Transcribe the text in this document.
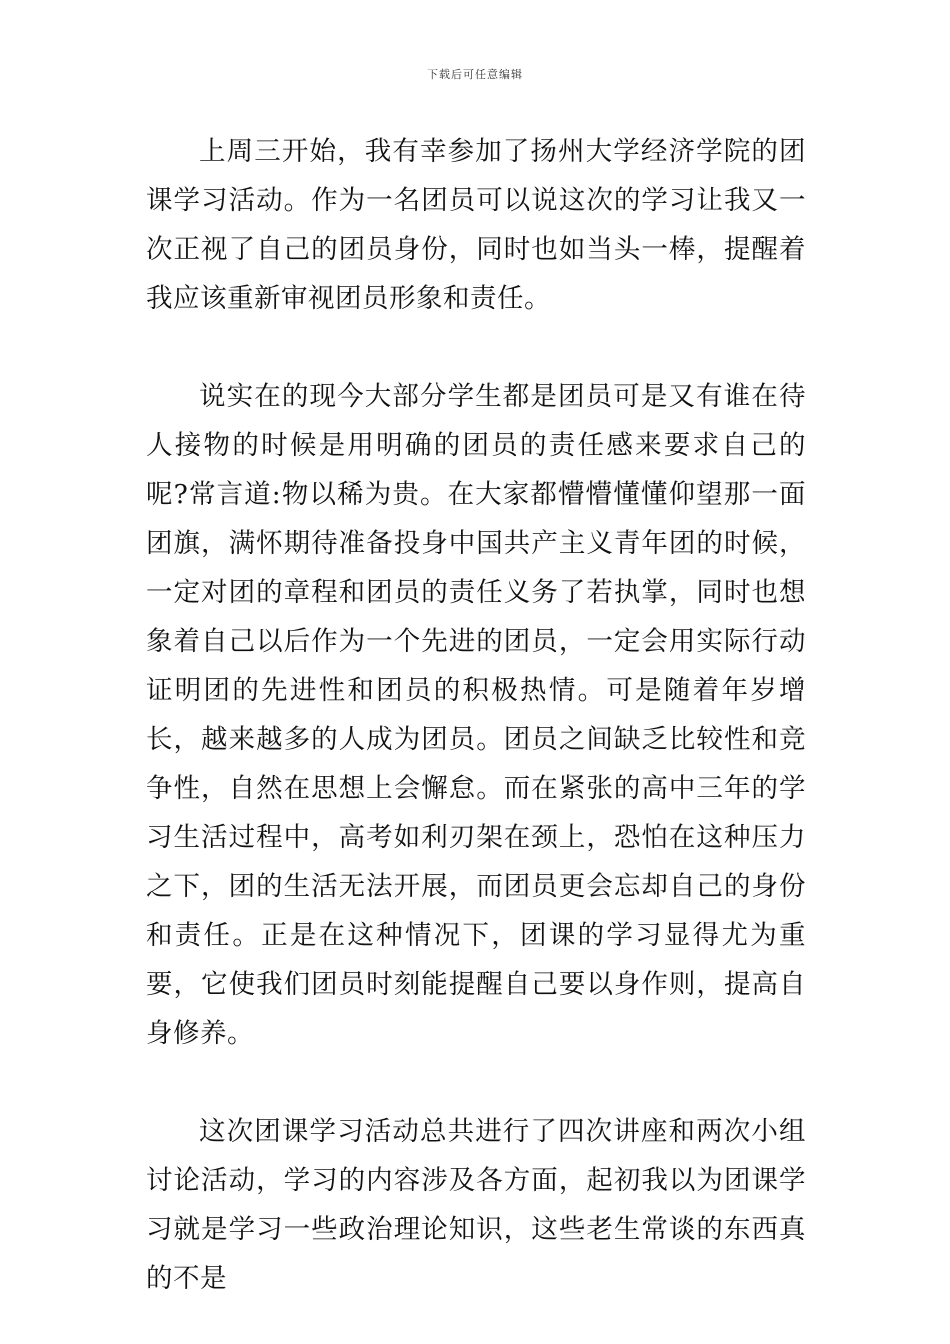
下载后可任意编辑

上周三开始，我有幸参加了扬州大学经济学院的团课学习活动。作为一名团员可以说这次的学习让我又一次正视了自己的团员身份，同时也如当头一棒，提醒着我应该重新审视团员形象和责任。

说实在的现今大部分学生都是团员可是又有谁在待人接物的时候是用明确的团员的责任感来要求自己的呢?常言道:物以稀为贵。在大家都懵懵懂懂仰望那一面团旗，满怀期待准备投身中国共产主义青年团的时候，一定对团的章程和团员的责任义务了若执掌，同时也想象着自己以后作为一个先进的团员，一定会用实际行动证明团的先进性和团员的积极热情。可是随着年岁增长，越来越多的人成为团员。团员之间缺乏比较性和竞争性，自然在思想上会懈怠。而在紧张的高中三年的学习生活过程中，高考如利刃架在颈上，恐怕在这种压力之下，团的生活无法开展，而团员更会忘却自己的身份和责任。正是在这种情况下，团课的学习显得尤为重要，它使我们团员时刻能提醒自己要以身作则，提高自身修养。

这次团课学习活动总共进行了四次讲座和两次小组讨论活动，学习的内容涉及各方面，起初我以为团课学习就是学习一些政治理论知识，这些老生常谈的东西真的不是
